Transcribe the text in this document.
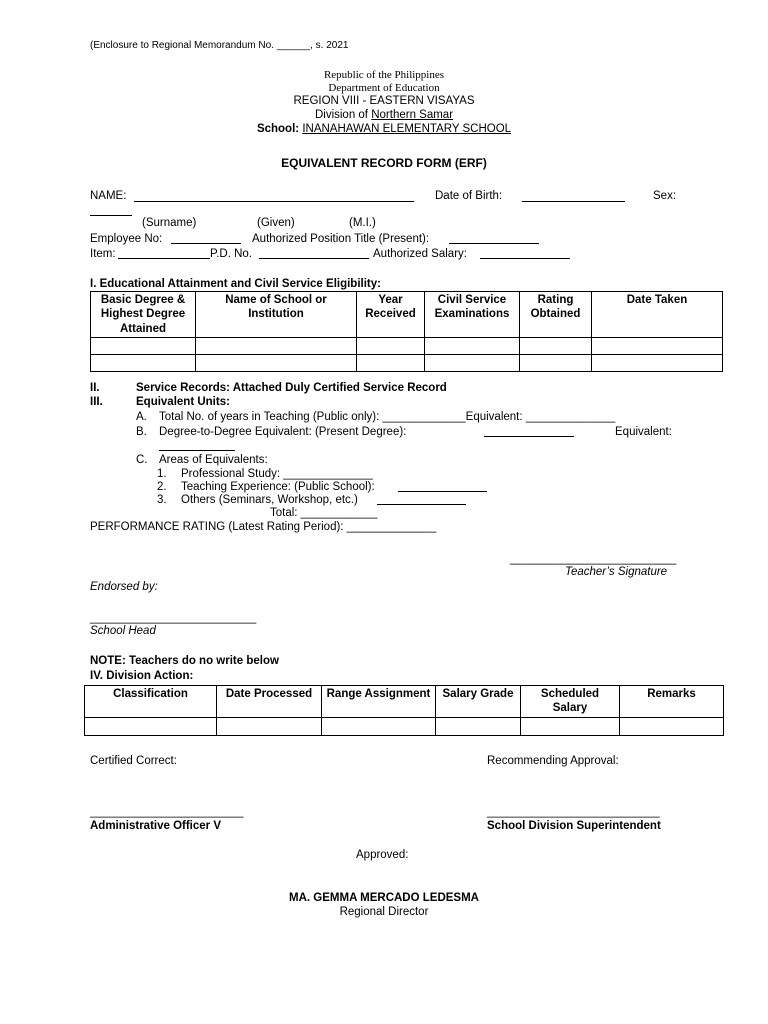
(Enclosure to Regional Memorandum No. ______, s. 2021
Republic of the Philippines
Department of Education
REGION VIII - EASTERN VISAYAS
Division of Northern Samar
School: INANAHAWAN ELEMENTARY SCHOOL
EQUIVALENT RECORD FORM (ERF)
NAME:	Date of Birth:	Sex:
(Surname)	(Given)	(M.I.)
Employee No:	Authorized Position Title (Present):
Item:	P.D. No.	Authorized Salary:
I. Educational Attainment and Civil Service Eligibility:
Basic Degree & Highest Degree Attained	Name of School or Institution	Year Received	Civil Service Examinations	Rating Obtained	Date Taken

II.	Service Records: Attached Duly Certified Service Record
III.	Equivalent Units:
A. Total No. of years in Teaching (Public only): _____________Equivalent: ______________
B. Degree-to-Degree Equivalent: (Present Degree):	Equivalent:
C. Areas of Equivalents:
1. Professional Study: ______________
2. Teaching Experience: (Public School):
3. Others (Seminars, Workshop, etc.)
Total: ____________
PERFORMANCE RATING (Latest Rating Period): ______________
__________________________
Teacher’s Signature
Endorsed by:
__________________________
School Head
NOTE: Teachers do no write below
IV. Division Action:
Classification	Date Processed	Range Assignment	Salary Grade	Scheduled Salary	Remarks

Certified Correct:	Recommending Approval:
________________________	___________________________
Administrative Officer V	School Division Superintendent
Approved:
MA. GEMMA MERCADO LEDESMA
Regional Director
